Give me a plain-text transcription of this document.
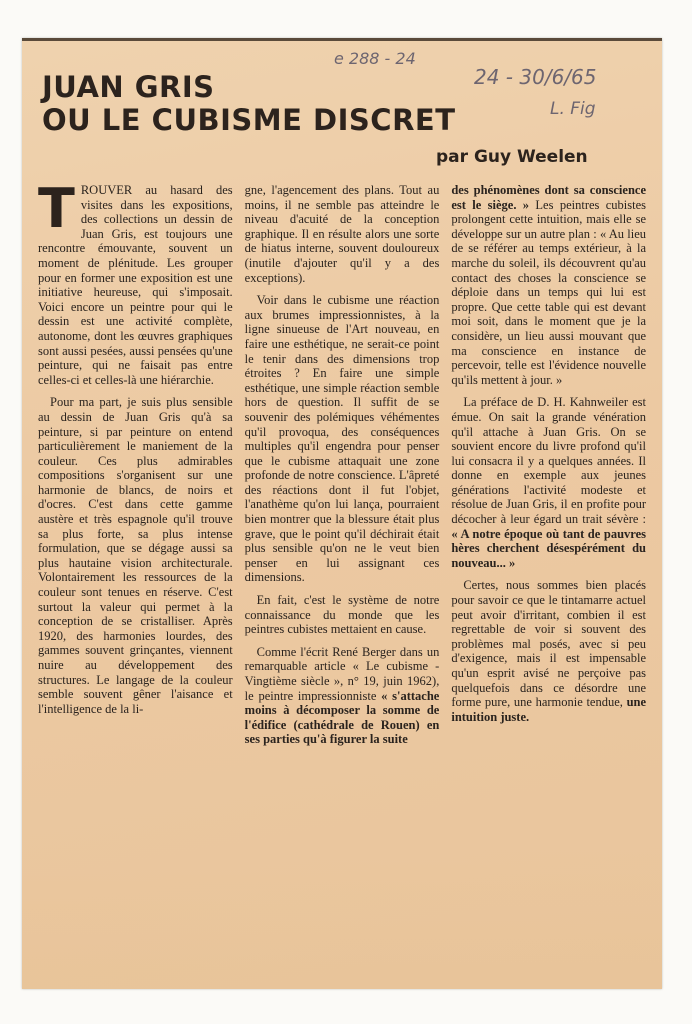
e 288 - 24
24 - 30/6/65
L. Fig
JUAN GRIS
OU LE CUBISME DISCRET
par Guy Weelen

TROUVER au hasard des visites dans les expositions, des collections un dessin de Juan Gris, est toujours une rencontre émouvante, souvent un moment de plénitude. Les grouper pour en former une exposition est une initiative heureuse, qui s'imposait. Voici encore un peintre pour qui le dessin est une activité complète, autonome, dont les œuvres graphiques sont aussi pesées, aussi pensées qu'une peinture, qui ne faisait pas entre celles-ci et celles-là une hiérarchie.

Pour ma part, je suis plus sensible au dessin de Juan Gris qu'à sa peinture, si par peinture on entend particulièrement le maniement de la couleur. Ces plus admirables compositions s'organisent sur une harmonie de blancs, de noirs et d'ocres. C'est dans cette gamme austère et très espagnole qu'il trouve sa plus forte, sa plus intense formulation, que se dégage aussi sa plus hautaine vision architecturale. Volontairement les ressources de la couleur sont tenues en réserve. C'est surtout la valeur qui permet à la conception de se cristalliser. Après 1920, des harmonies lourdes, des gammes souvent grinçantes, viennent nuire au développement des structures. Le langage de la couleur semble souvent gêner l'aisance et l'intelligence de la li-

gne, l'agencement des plans. Tout au moins, il ne semble pas atteindre le niveau d'acuité de la conception graphique. Il en résulte alors une sorte de hiatus interne, souvent douloureux (inutile d'ajouter qu'il y a des exceptions).

Voir dans le cubisme une réaction aux brumes impressionnistes, à la ligne sinueuse de l'Art nouveau, en faire une esthétique, ne serait-ce point le tenir dans des dimensions trop étroites ? En faire une simple esthétique, une simple réaction semble hors de question. Il suffit de se souvenir des polémiques véhémentes qu'il provoqua, des conséquences multiples qu'il engendra pour penser que le cubisme attaquait une zone profonde de notre conscience. L'âpreté des réactions dont il fut l'objet, l'anathème qu'on lui lança, pourraient bien montrer que la blessure était plus grave, que le point qu'il déchirait était plus sensible qu'on ne le veut bien penser en lui assignant ces dimensions.

En fait, c'est le système de notre connaissance du monde que les peintres cubistes mettaient en cause.

Comme l'écrit René Berger dans un remarquable article « Le cubisme - Vingtième siècle », n° 19, juin 1962), le peintre impressionniste « s'attache moins à décomposer la somme de l'édifice (cathédrale de Rouen) en ses parties qu'à figurer la suite

des phénomènes dont sa conscience est le siège. » Les peintres cubistes prolongent cette intuition, mais elle se développe sur un autre plan : « Au lieu de se référer au temps extérieur, à la marche du soleil, ils découvrent qu'au contact des choses la conscience se déploie dans un temps qui lui est propre. Que cette table qui est devant moi soit, dans le moment que je la considère, un lieu aussi mouvant que ma conscience en instance de percevoir, telle est l'évidence nouvelle qu'ils mettent à jour. »

La préface de D. H. Kahnweiler est émue. On sait la grande vénération qu'il attache à Juan Gris. On se souvient encore du livre profond qu'il lui consacra il y a quelques années. Il donne en exemple aux jeunes générations l'activité modeste et résolue de Juan Gris, il en profite pour décocher à leur égard un trait sévère : « A notre époque où tant de pauvres hères cherchent désespérément du nouveau... »

Certes, nous sommes bien placés pour savoir ce que le tintamarre actuel peut avoir d'irritant, combien il est regrettable de voir si souvent des problèmes mal posés, avec si peu d'exigence, mais il est impensable qu'un esprit avisé ne perçoive pas quelquefois dans ce désordre une forme pure, une harmonie tendue, une intuition juste.
